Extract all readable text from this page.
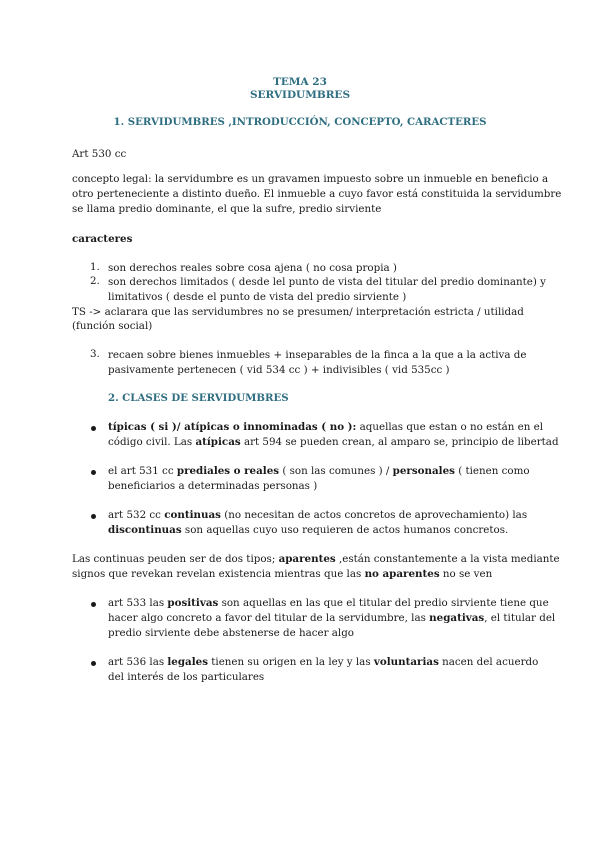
TEMA 23
SERVIDUMBRES
1. SERVIDUMBRES ,INTRODUCCIÓN, CONCEPTO, CARACTERES
Art 530 cc
concepto legal: la servidumbre es un gravamen impuesto sobre un inmueble en beneficio a
otro perteneciente a distinto dueño. El inmueble a cuyo favor está constituida la servidumbre
se llama predio dominante, el que la sufre, predio sirviente
caracteres
1. son derechos reales sobre cosa ajena ( no cosa propia )
2. son derechos limitados ( desde lel punto de vista del titular del predio dominante) y
limitativos ( desde el punto de vista del predio sirviente )
TS -> aclarara que las servidumbres no se presumen/ interpretación estricta / utilidad
(función social)
3. recaen sobre bienes inmuebles + inseparables de la finca a la que a la activa de
pasivamente pertenecen ( vid 534 cc ) + indivisibles ( vid 535cc )
2. CLASES DE SERVIDUMBRES
típicas ( si )/ atípicas o innominadas ( no ): aquellas que estan o no están en el
código civil. Las atípicas art 594 se pueden crean, al amparo se, principio de libertad
el art 531 cc prediales o reales ( son las comunes ) / personales ( tienen como
beneficiarios a determinadas personas )
art 532 cc continuas (no necesitan de actos concretos de aprovechamiento) las
discontinuas son aquellas cuyo uso requieren de actos humanos concretos.
Las continuas peuden ser de dos tipos; aparentes ,están constantemente a la vista mediante
signos que revekan revelan existencia mientras que las no aparentes no se ven
art 533 las positivas son aquellas en las que el titular del predio sirviente tiene que
hacer algo concreto a favor del titular de la servidumbre, las negativas, el titular del
predio sirviente debe abstenerse de hacer algo
art 536 las legales tienen su origen en la ley y las voluntarias nacen del acuerdo
del interés de los particulares
